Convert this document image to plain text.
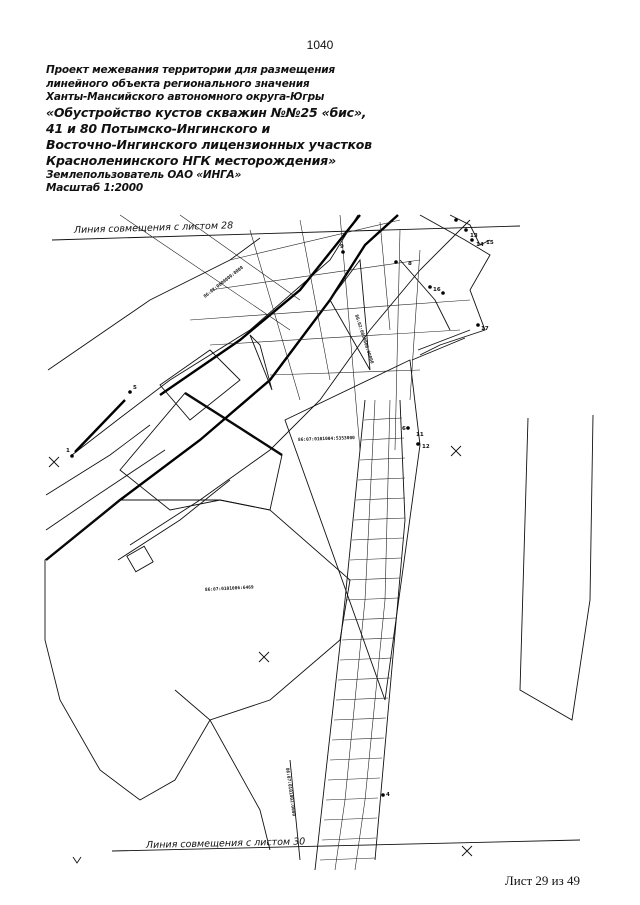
1040
Проект межевания территории для размещения
линейного объекта регионального значения
Ханты-Мансийского автономного округа-Югры
«Обустройство кустов скважин №№25 «бис»,
41 и 80 Потымско-Ингинского и
Восточно-Ингинского лицензионных участков
Красноленинского НГК месторождения»
Землепользователь ОАО «ИНГА»
Масштаб 1:2000
Линия совмещения с листом 28
Линия совмещения с листом 30
1
4
5
6
8
9
11
12
13
14 15
16
17
86:02:0000000:0000
86:02:0000000:00000
86:07:0101004:5353000
86:07:0101002:0000
86:07:0101006:6469
Лист 29 из 49
